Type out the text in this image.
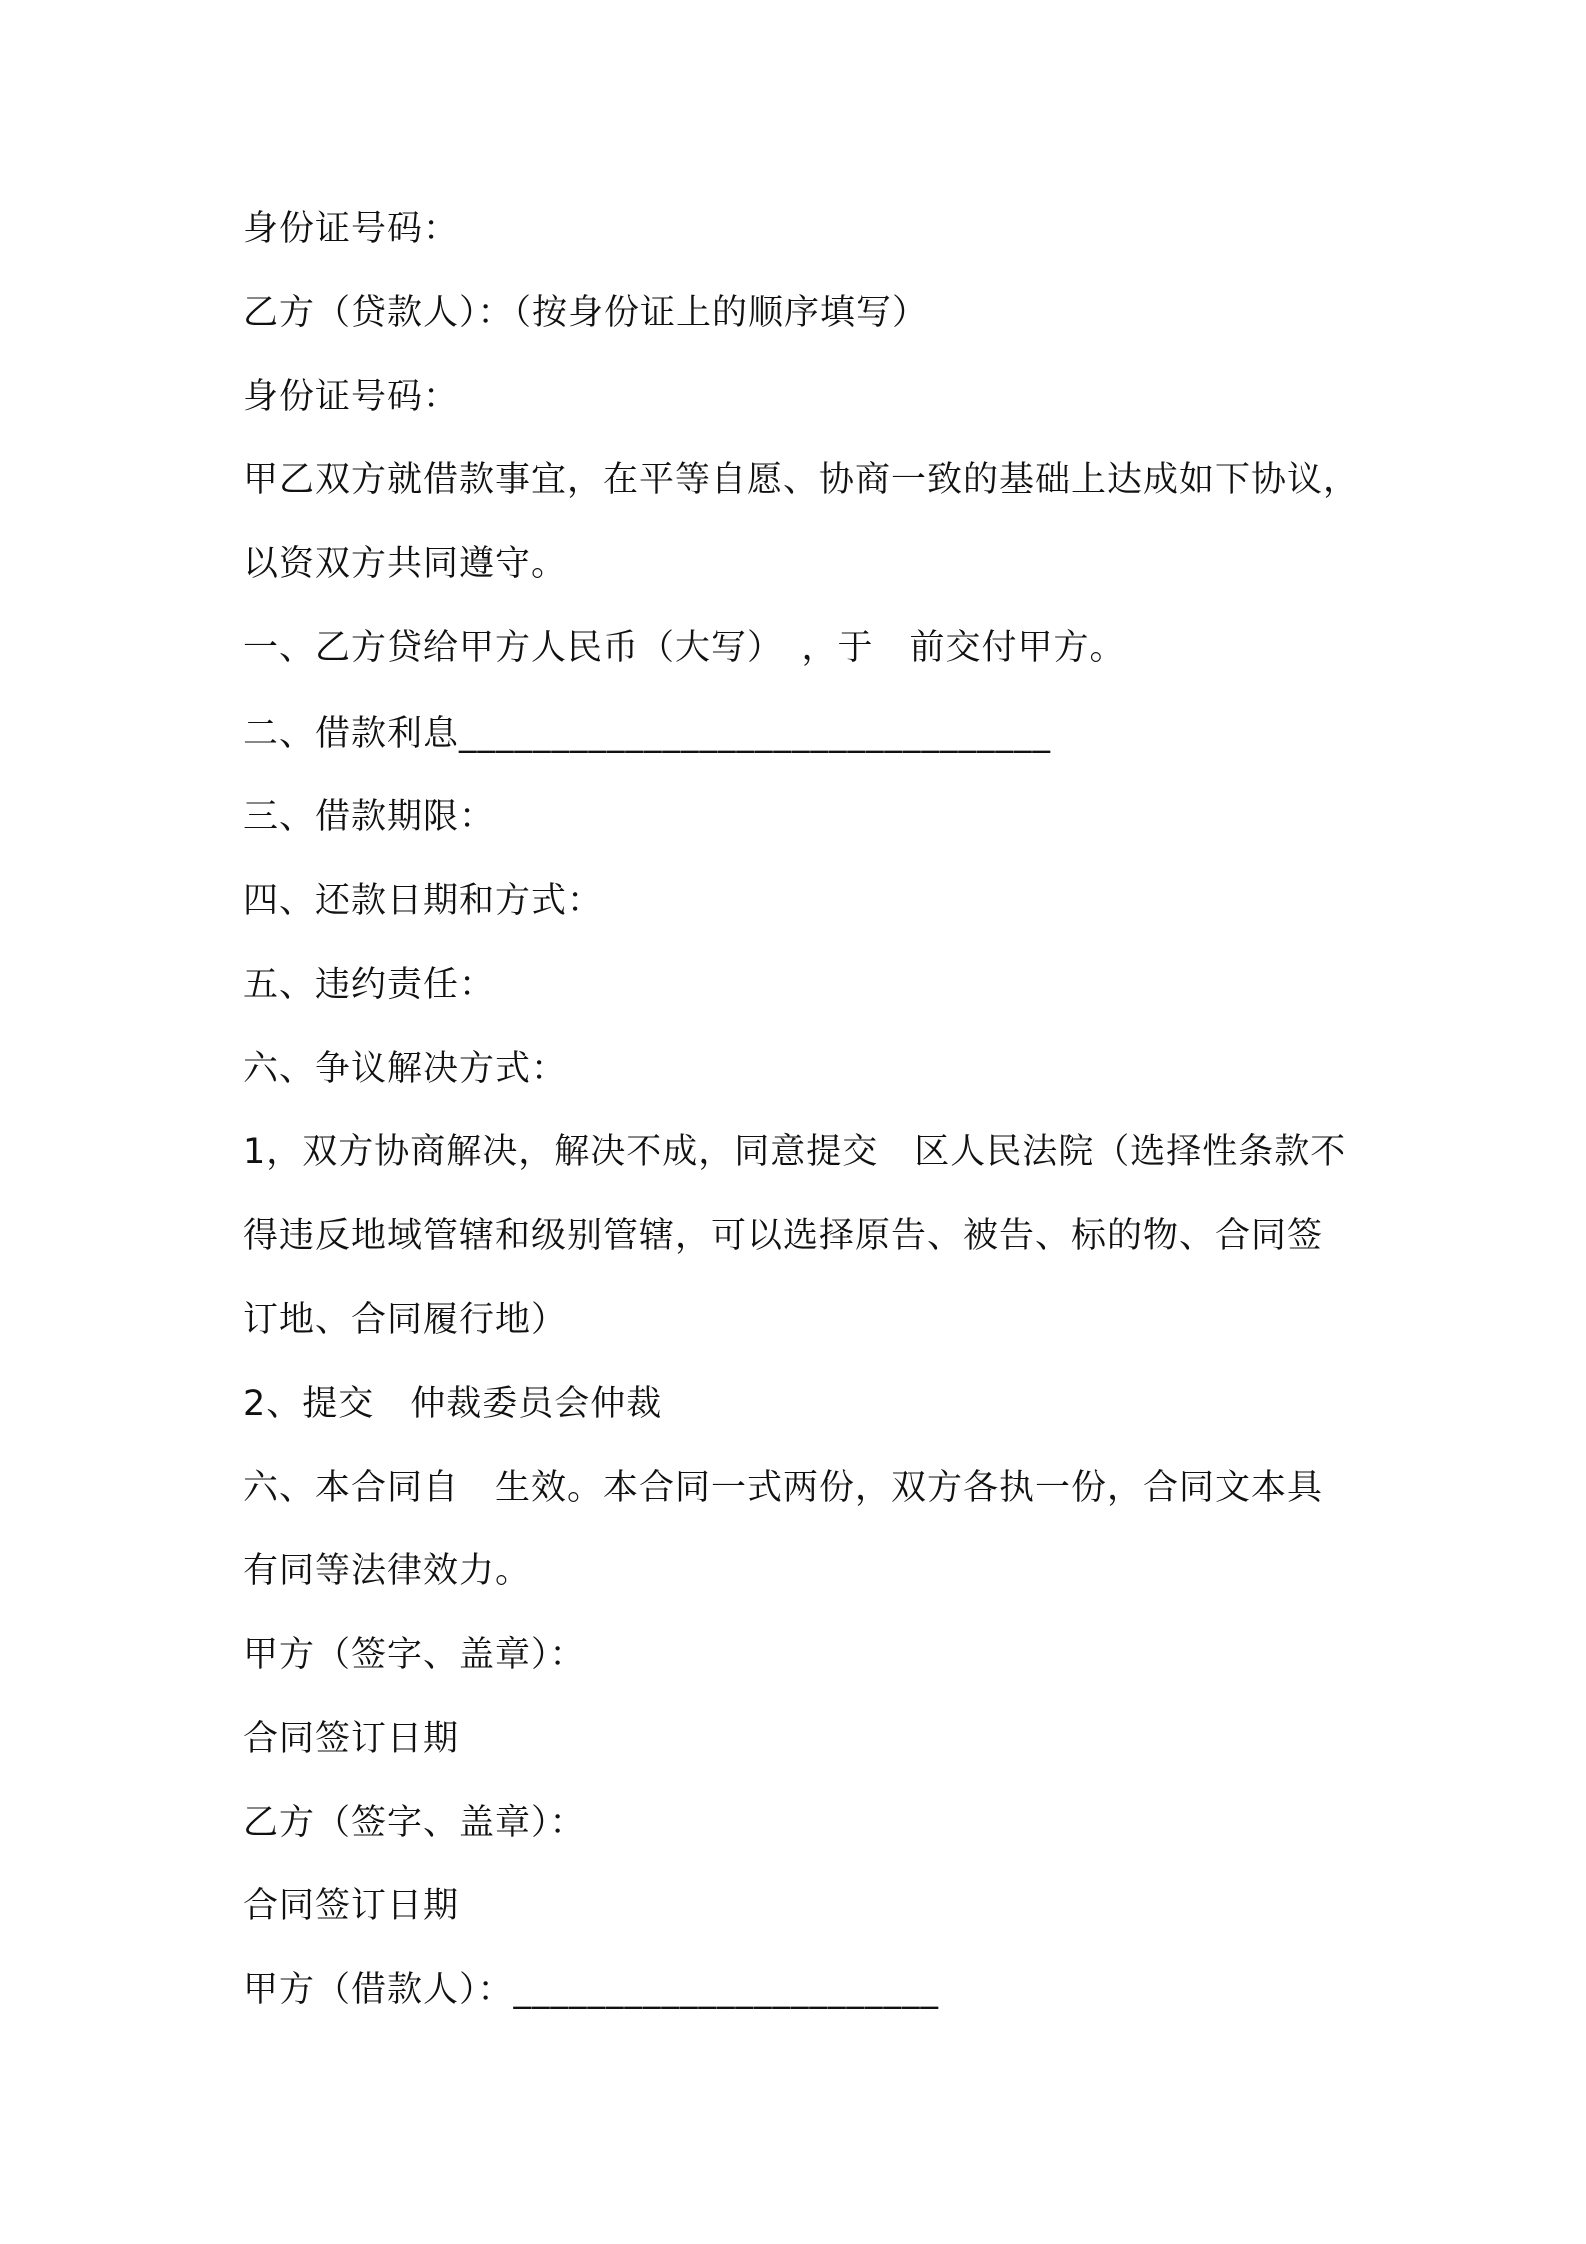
身份证号码：
乙方（贷款人）：（按身份证上的顺序填写）
身份证号码：
甲乙双方就借款事宜，在平等自愿、协商一致的基础上达成如下协议，
以资双方共同遵守。
一、乙方贷给甲方人民币（大写）　，于　前交付甲方。
二、借款利息________________________________
三、借款期限：
四、还款日期和方式：
五、违约责任：
六、争议解决方式：
1，双方协商解决，解决不成，同意提交　区人民法院（选择性条款不
得违反地域管辖和级别管辖，可以选择原告、被告、标的物、合同签
订地、合同履行地）
2、提交　仲裁委员会仲裁
六、本合同自　生效。本合同一式两份，双方各执一份，合同文本具
有同等法律效力。
甲方（签字、盖章）：
合同签订日期
乙方（签字、盖章）：
合同签订日期
甲方（借款人）：_______________________
